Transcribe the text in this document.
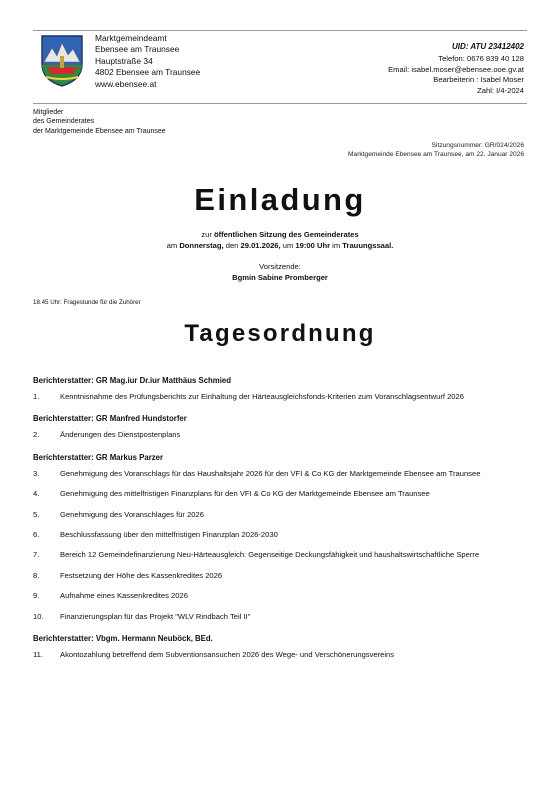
Marktgemeindeamt
Ebensee am Traunsee
Hauptstraße 34
4802 Ebensee am Traunsee
www.ebensee.at
UID: ATU 23412402
Telefon: 0676 839 40 128
Email: isabel.moser@ebensee.ooe.gv.at
Bearbeiterin : Isabel Moser
Zahl: I/4-2024
Mitglieder
des Gemeinderates
der Marktgemeinde Ebensee am Traunsee
Sitzungsnummer: GR/024/2026
Marktgemeinde Ebensee am Traunsee, am 22. Januar 2026
Einladung
zur öffentlichen Sitzung des Gemeinderates
am Donnerstag, den 29.01.2026, um 19:00 Uhr im Trauungssaal.
Vorsitzende:
Bgmin Sabine Promberger
18.45 Uhr: Fragestunde für die Zuhörer
Tagesordnung
Berichterstatter: GR Mag.iur Dr.iur Matthäus Schmied
1.	Kenntnisnahme des Prüfungsberichts zur Einhaltung der Härteausgleichsfonds-Kriterien zum Voranschlagsentwurf 2026
Berichterstatter: GR Manfred Hundstorfer
2.	Änderungen des Dienstpostenplans
Berichterstatter: GR Markus Parzer
3.	Genehmigung des Voranschlags für das Haushaltsjahr 2026 für den VFI & Co KG der Marktgemeinde Ebensee am Traunsee
4.	Genehmigung des mittelfristigen Finanzplans für den VFI & Co KG der Marktgemeinde Ebensee am Traunsee
5.	Genehmigung des Voranschlages für 2026
6.	Beschlussfassung über den mittelfristigen Finanzplan 2026-2030
7.	Bereich 12 Gemeindefinanzierung Neu-Härteausgleich: Gegenseitige Deckungsfähigkeit und haushaltswirtschaftliche Sperre
8.	Festsetzung der Höhe des Kassenkredites 2026
9.	Aufnahme eines Kassenkredites 2026
10.	Finanzierungsplan für das Projekt "WLV Rindbach Teil II"
Berichterstatter: Vbgm. Hermann Neuböck, BEd.
11.	Akontozahlung betreffend dem Subventionsansuchen 2026 des Wege- und Verschönerungsvereins
